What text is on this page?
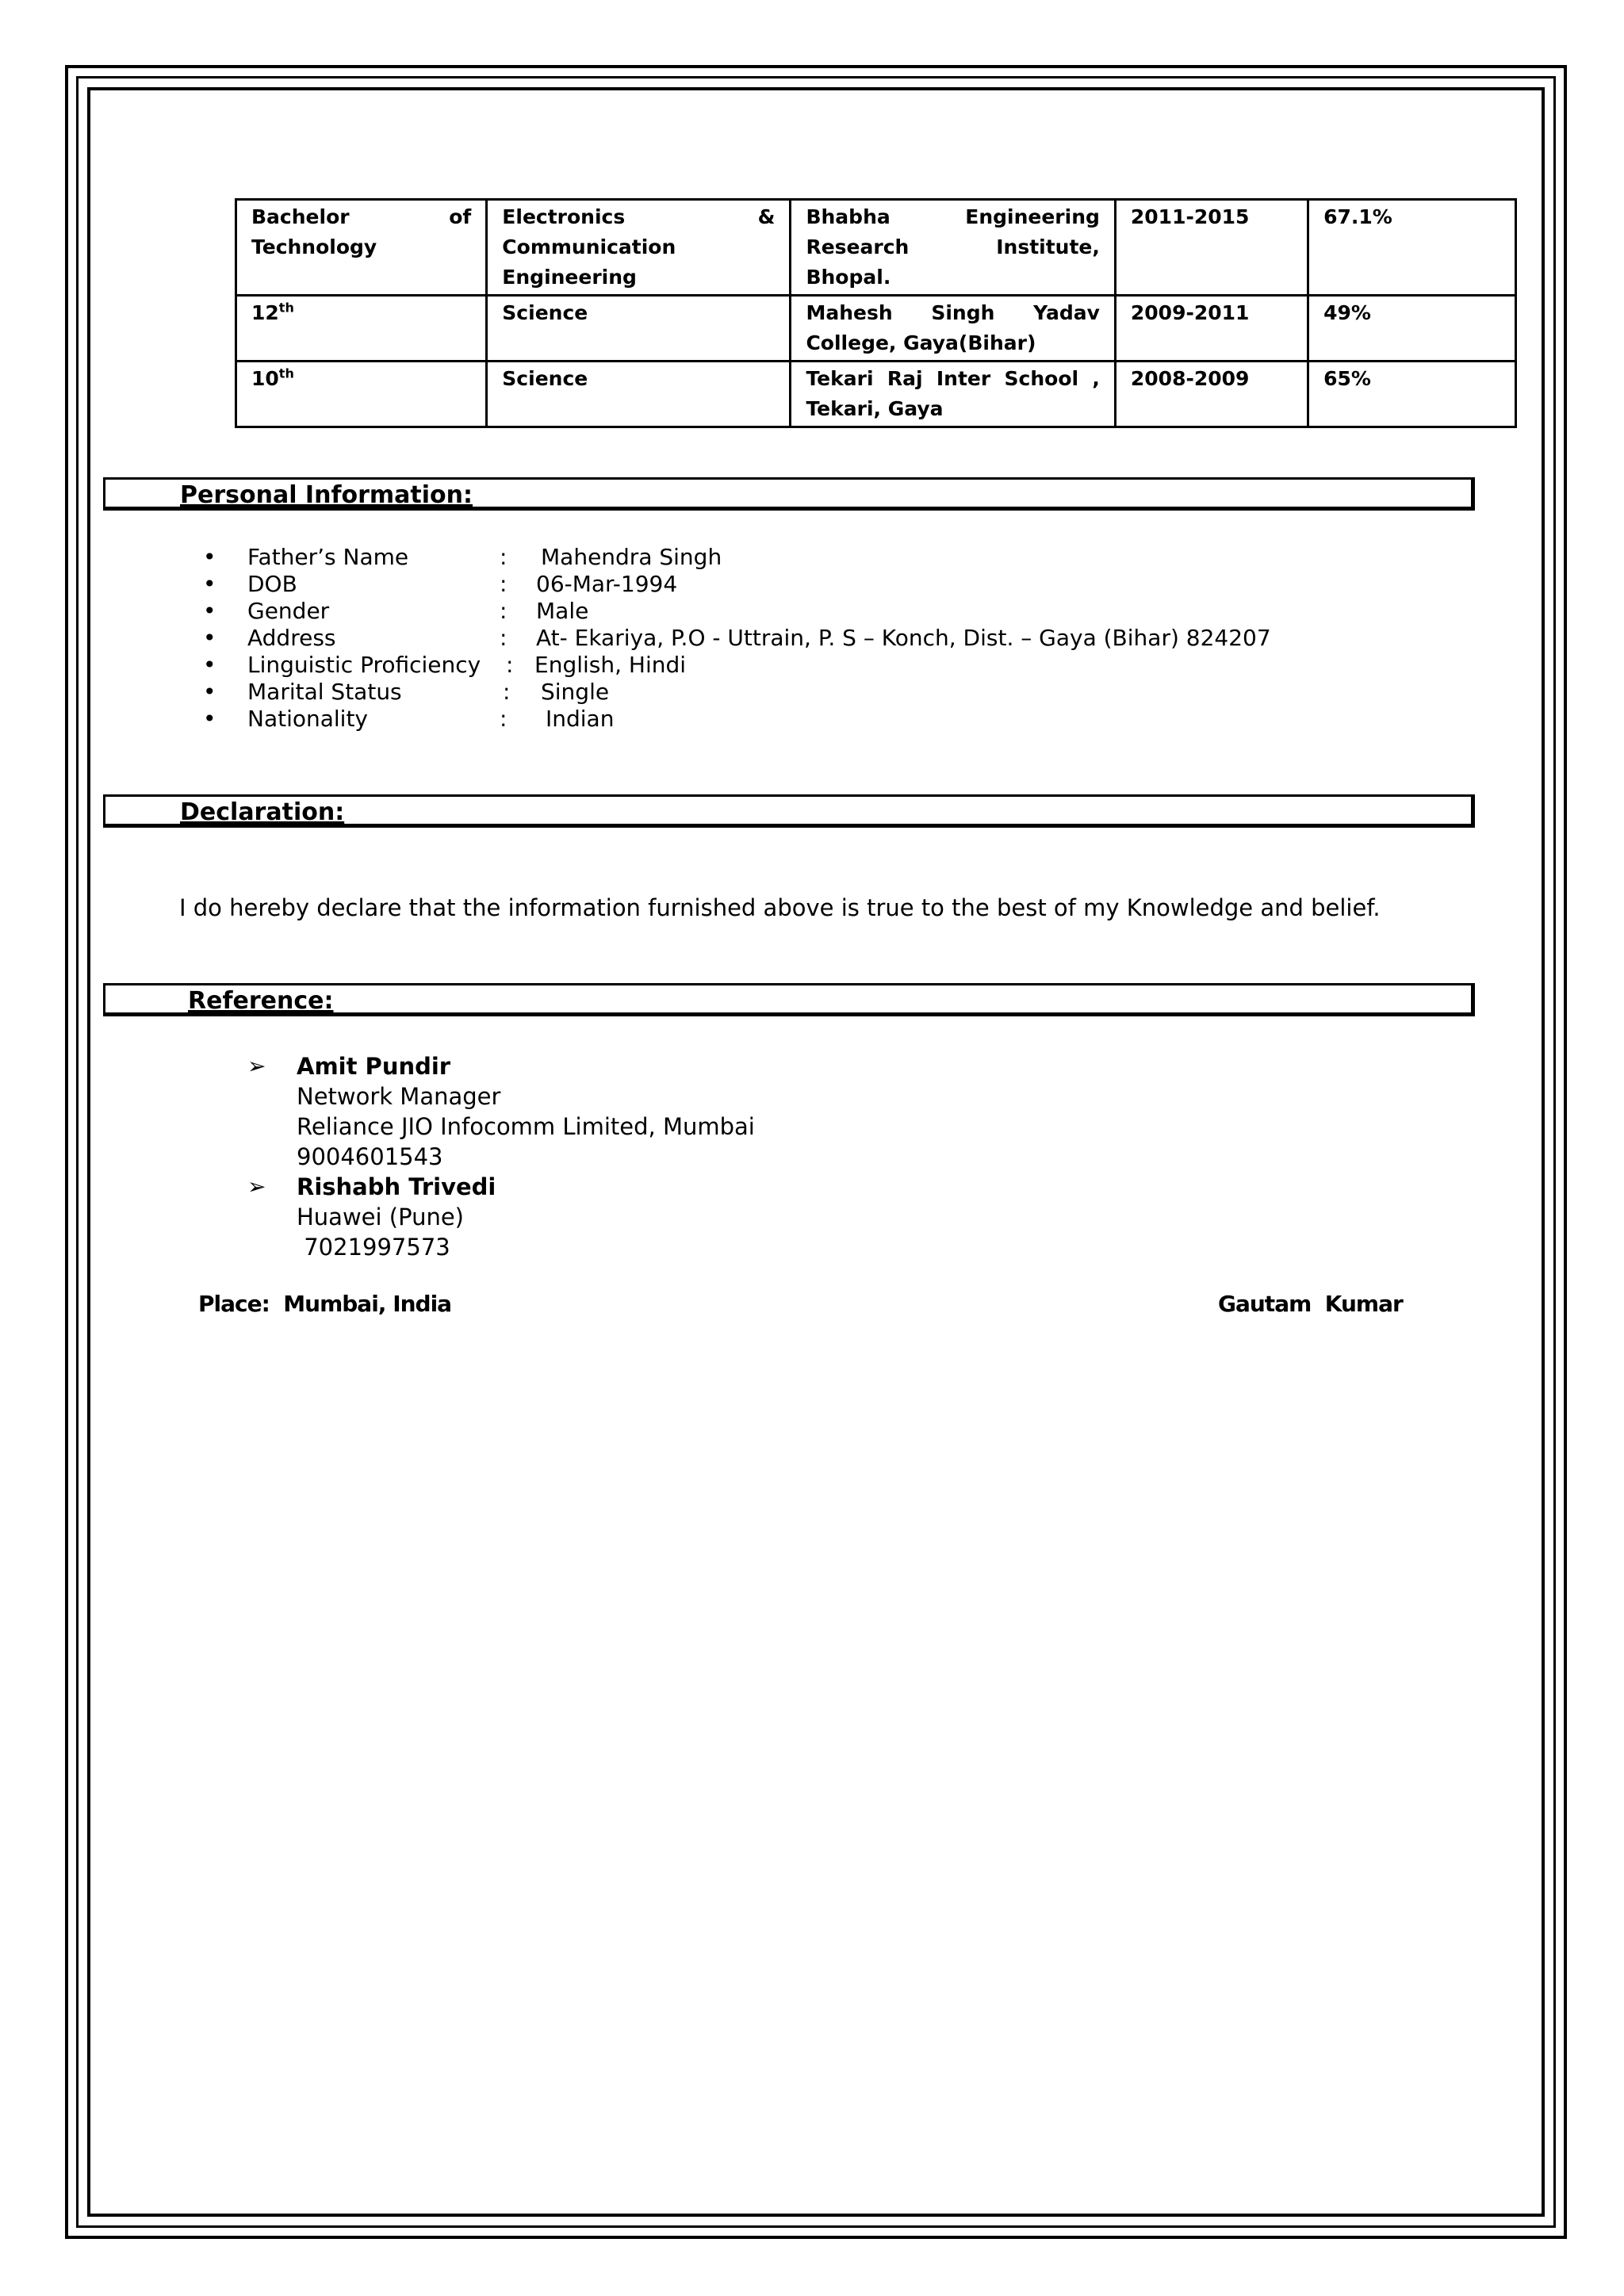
Bachelor of Technology	Electronics & Communication Engineering	Bhabha Engineering Research Institute, Bhopal.	2011-2015	67.1%
12th	Science	Mahesh Singh Yadav College, Gaya(Bihar)	2009-2011	49%
10th	Science	Tekari Raj Inter School , Tekari, Gaya	2008-2009	65%
Personal Information:
• Father’s Name	: Mahendra Singh
• DOB	: 06-Mar-1994
• Gender	: Male
• Address	: At- Ekariya, P.O - Uttrain, P. S – Konch, Dist. – Gaya (Bihar) 824207
• Linguistic Proficiency : English, Hindi
• Marital Status	: Single
• Nationality	: Indian
Declaration:
I do hereby declare that the information furnished above is true to the best of my Knowledge and belief.
Reference:
➢ Amit Pundir
Network Manager
Reliance JIO Infocomm Limited, Mumbai
9004601543
➢ Rishabh Trivedi
Huawei (Pune)
7021997573
Place:  Mumbai, India	Gautam  Kumar
